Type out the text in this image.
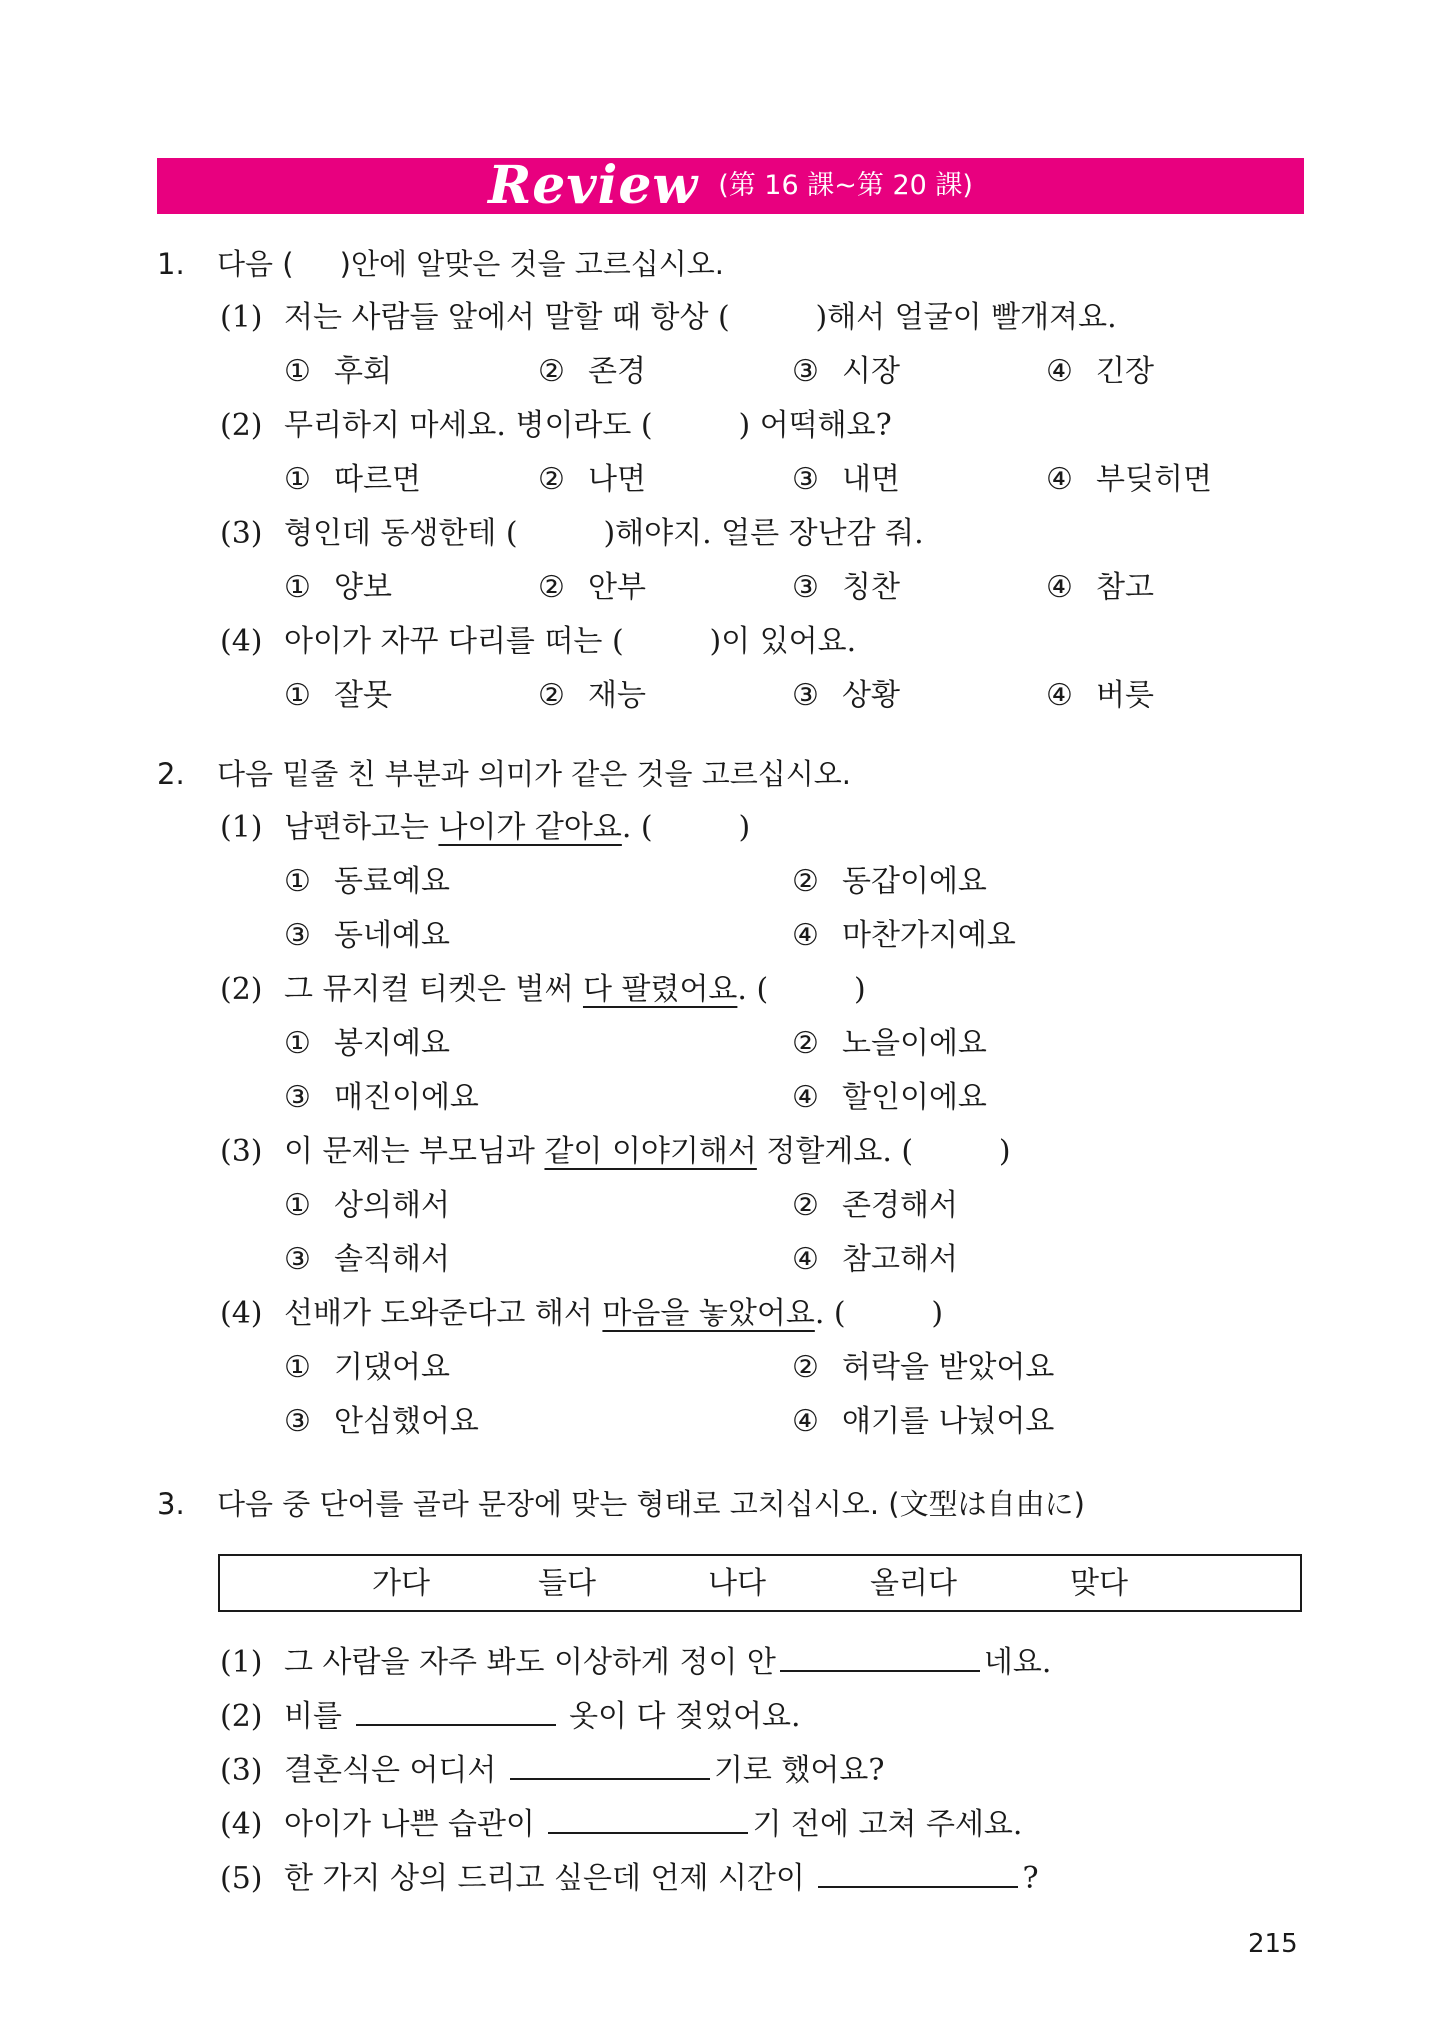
Review (第 16 課~第 20 課)
1. 다음 (     )안에 알맞은 것을 고르십시오.
(1) 저는 사람들 앞에서 말할 때 항상 (         )해서 얼굴이 빨개져요.
① 후회	② 존경	③ 시장	④ 긴장
(2) 무리하지 마세요. 병이라도 (         ) 어떡해요?
① 따르면	② 나면	③ 내면	④ 부딪히면
(3) 형인데 동생한테 (         )해야지. 얼른 장난감 줘.
① 양보	② 안부	③ 칭찬	④ 참고
(4) 아이가 자꾸 다리를 떠는 (         )이 있어요.
① 잘못	② 재능	③ 상황	④ 버릇
2. 다음 밑줄 친 부분과 의미가 같은 것을 고르십시오.
(1) 남편하고는 나이가 같아요. (         )
① 동료예요	② 동갑이에요
③ 동네예요	④ 마찬가지예요
(2) 그 뮤지컬 티켓은 벌써 다 팔렸어요. (         )
① 봉지예요	② 노을이에요
③ 매진이에요	④ 할인이에요
(3) 이 문제는 부모님과 같이 이야기해서 정할게요. (         )
① 상의해서	② 존경해서
③ 솔직해서	④ 참고해서
(4) 선배가 도와준다고 해서 마음을 놓았어요. (         )
① 기댔어요	② 허락을 받았어요
③ 안심했어요	④ 얘기를 나눴어요
3. 다음 중 단어를 골라 문장에 맞는 형태로 고치십시오. (文型は自由に)
가다	들다	나다	올리다	맞다
(1) 그 사람을 자주 봐도 이상하게 정이 안	네요.
(2) 비를	옷이 다 젖었어요.
(3) 결혼식은 어디서	기로 했어요?
(4) 아이가 나쁜 습관이	기 전에 고쳐 주세요.
(5) 한 가지 상의 드리고 싶은데 언제 시간이	?
215
